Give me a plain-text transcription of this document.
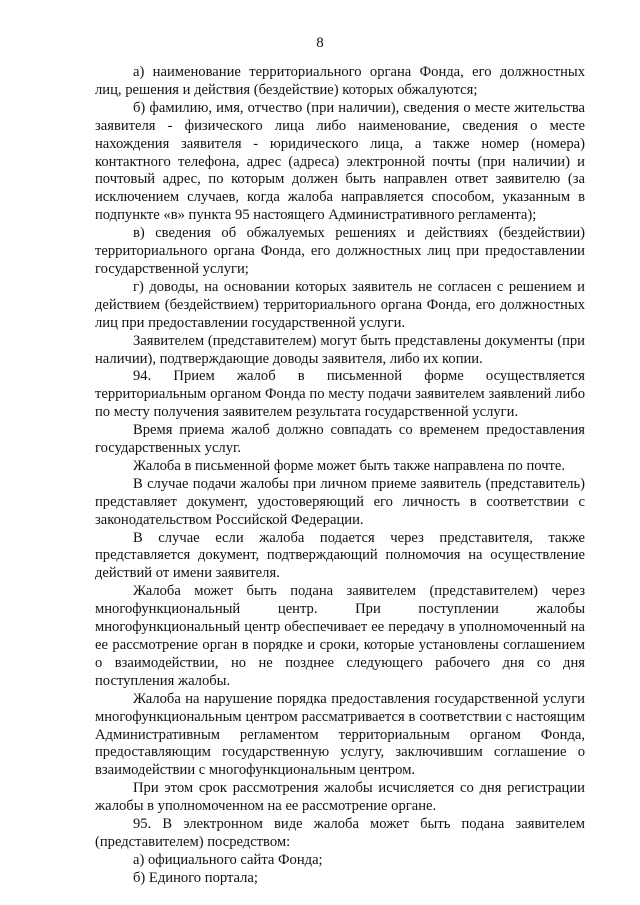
8

а) наименование территориального органа Фонда, его должностных лиц, решения и действия (бездействие) которых обжалуются;

б) фамилию, имя, отчество (при наличии), сведения о месте жительства заявителя - физического лица либо наименование, сведения о месте нахождения заявителя - юридического лица, а также номер (номера) контактного телефона, адрес (адреса) электронной почты (при наличии) и почтовый адрес, по которым должен быть направлен ответ заявителю (за исключением случаев, когда жалоба направляется способом, указанным в подпункте «в» пункта 95 настоящего Административного регламента);

в) сведения об обжалуемых решениях и действиях (бездействии) территориального органа Фонда, его должностных лиц при предоставлении государственной услуги;

г) доводы, на основании которых заявитель не согласен с решением и действием (бездействием) территориального органа Фонда, его должностных лиц при предоставлении государственной услуги.

Заявителем (представителем) могут быть представлены документы (при наличии), подтверждающие доводы заявителя, либо их копии.

94. Прием жалоб в письменной форме осуществляется территориальным органом Фонда по месту подачи заявителем заявлений либо по месту получения заявителем результата государственной услуги.

Время приема жалоб должно совпадать со временем предоставления государственных услуг.

Жалоба в письменной форме может быть также направлена по почте.

В случае подачи жалобы при личном приеме заявитель (представитель) представляет документ, удостоверяющий его личность в соответствии с законодательством Российской Федерации.

В случае если жалоба подается через представителя, также представляется документ, подтверждающий полномочия на осуществление действий от имени заявителя.

Жалоба может быть подана заявителем (представителем) через многофункциональный центр. При поступлении жалобы многофункциональный центр обеспечивает ее передачу в уполномоченный на ее рассмотрение орган в порядке и сроки, которые установлены соглашением о взаимодействии, но не позднее следующего рабочего дня со дня поступления жалобы.

Жалоба на нарушение порядка предоставления государственной услуги многофункциональным центром рассматривается в соответствии с настоящим Административным регламентом территориальным органом Фонда, предоставляющим государственную услугу, заключившим соглашение о взаимодействии с многофункциональным центром.

При этом срок рассмотрения жалобы исчисляется со дня регистрации жалобы в уполномоченном на ее рассмотрение органе.

95. В электронном виде жалоба может быть подана заявителем (представителем) посредством:

а) официального сайта Фонда;

б) Единого портала;
